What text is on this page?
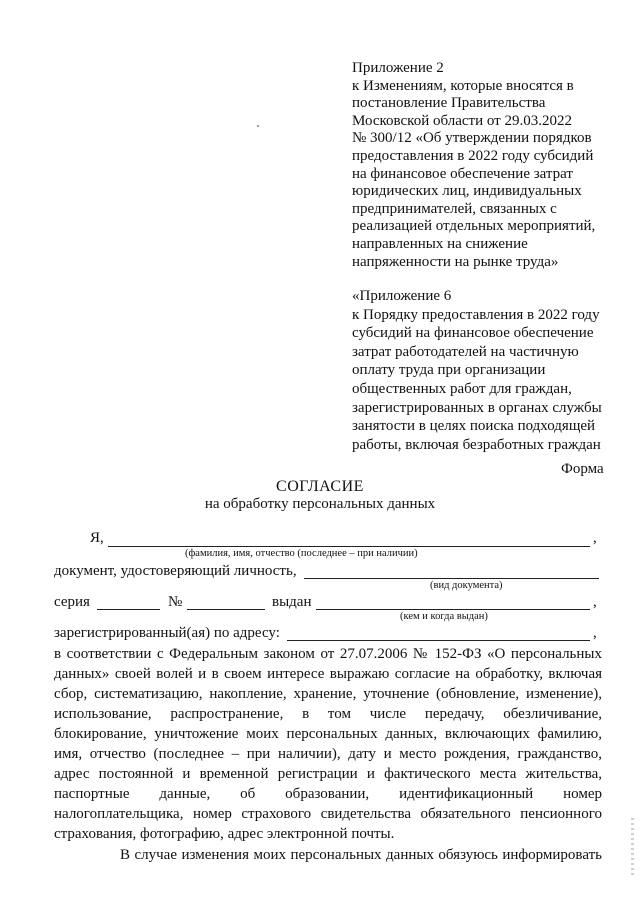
Приложение 2
к Изменениям, которые вносятся в
постановление Правительства
Московской области от 29.03.2022
№ 300/12 «Об утверждении порядков
предоставления в 2022 году субсидий
на финансовое обеспечение затрат
юридических лиц, индивидуальных
предпринимателей, связанных с
реализацией отдельных мероприятий,
направленных на снижение
напряженности на рынке труда»
«Приложение 6
к Порядку предоставления в 2022 году
субсидий на финансовое обеспечение
затрат работодателей на частичную
оплату труда при организации
общественных работ для граждан,
зарегистрированных в органах службы
занятости в целях поиска подходящей
работы, включая безработных граждан
Форма
СОГЛАСИЕ
на обработку персональных данных
Я,	,
(фамилия, имя, отчество (последнее – при наличии)
документ, удостоверяющий личность,
(вид документа)
серия	№	выдан	,
(кем и когда выдан)
зарегистрированный(ая) по адресу:	,
в соответствии с Федеральным законом от 27.07.2006 № 152-ФЗ «О персональных
данных» своей волей и в своем интересе выражаю согласие на обработку, включая
сбор, систематизацию, накопление, хранение, уточнение (обновление, изменение),
использование, распространение, в том числе передачу, обезличивание,
блокирование, уничтожение моих персональных данных, включающих фамилию,
имя, отчество (последнее – при наличии), дату и место рождения, гражданство,
адрес постоянной и временной регистрации и фактического места жительства,
паспортные данные, об образовании, идентификационный номер
налогоплательщика, номер страхового свидетельства обязательного пенсионного
страхования, фотографию, адрес электронной почты.
В случае изменения моих персональных данных обязуюсь информировать
